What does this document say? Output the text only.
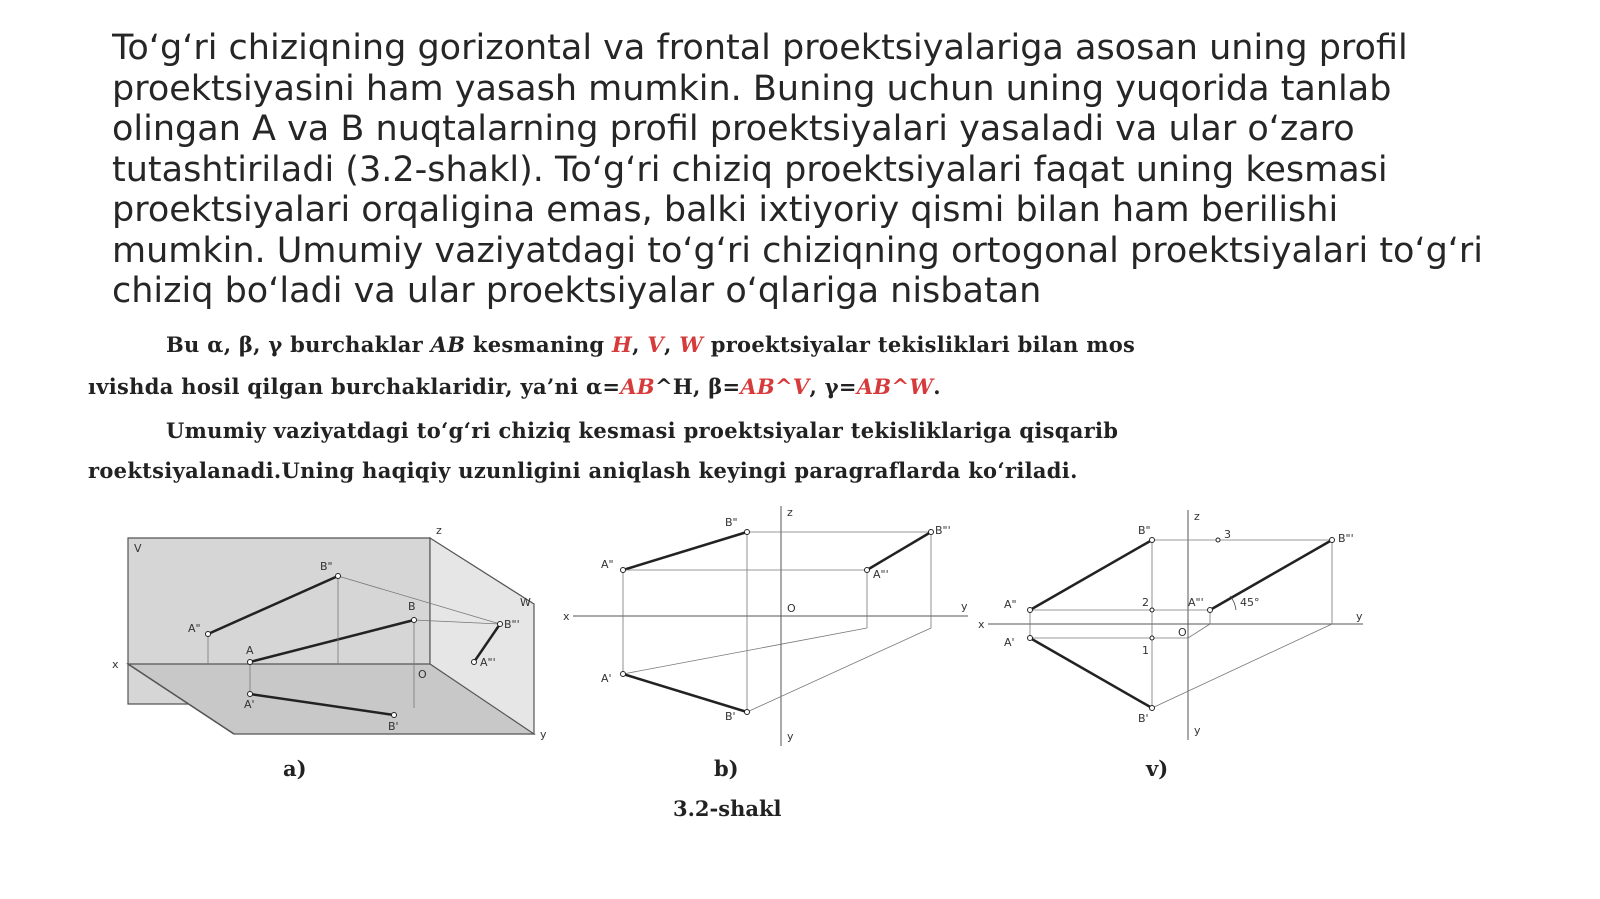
To‘g‘ri chiziqning gorizontal va frontal proektsiyalariga asosan uning profil proektsiyasini ham yasash mumkin. Buning uchun uning yuqorida tanlab olingan A va B nuqtalarning profil proektsiyalari yasaladi va ular o‘zaro tutashtiriladi (3.2-shakl). To‘g‘ri chiziq proektsiyalari faqat uning kesmasi proektsiyalari orqaligina emas, balki ixtiyoriy qismi bilan ham berilishi mumkin. Umumiy vaziyatdagi to‘g‘ri chiziqning ortogonal proektsiyalari to‘g‘ri chiziq bo‘ladi va ular proektsiyalar o‘qlariga nisbatan

Bu α, β, γ burchaklar AB kesmaning H, V, W proektsiyalar tekisliklari bilan mos
ıvishda hosil qilgan burchaklaridir, ya’ni α=AB^H, β=AB^V, γ=AB^W.
Umumiy vaziyatdagi to‘g‘ri chiziq kesmasi proektsiyalar tekisliklariga qisqarib
roektsiyalanadi.Uning haqiqiy uzunligini aniqlash keyingi paragraflarda ko‘riladi.
V
z
x
y
W
O
A"
B"
A
B
A'
B'
A"'
B"'
x
y
y
z
O
A"
B"
A'
B'
A"'
B"'
x
y
y
z
O
A"
B"
A'
B'
A"'
B"'
1
2
3
45°
a)	b)	v)
3.2-shakl
